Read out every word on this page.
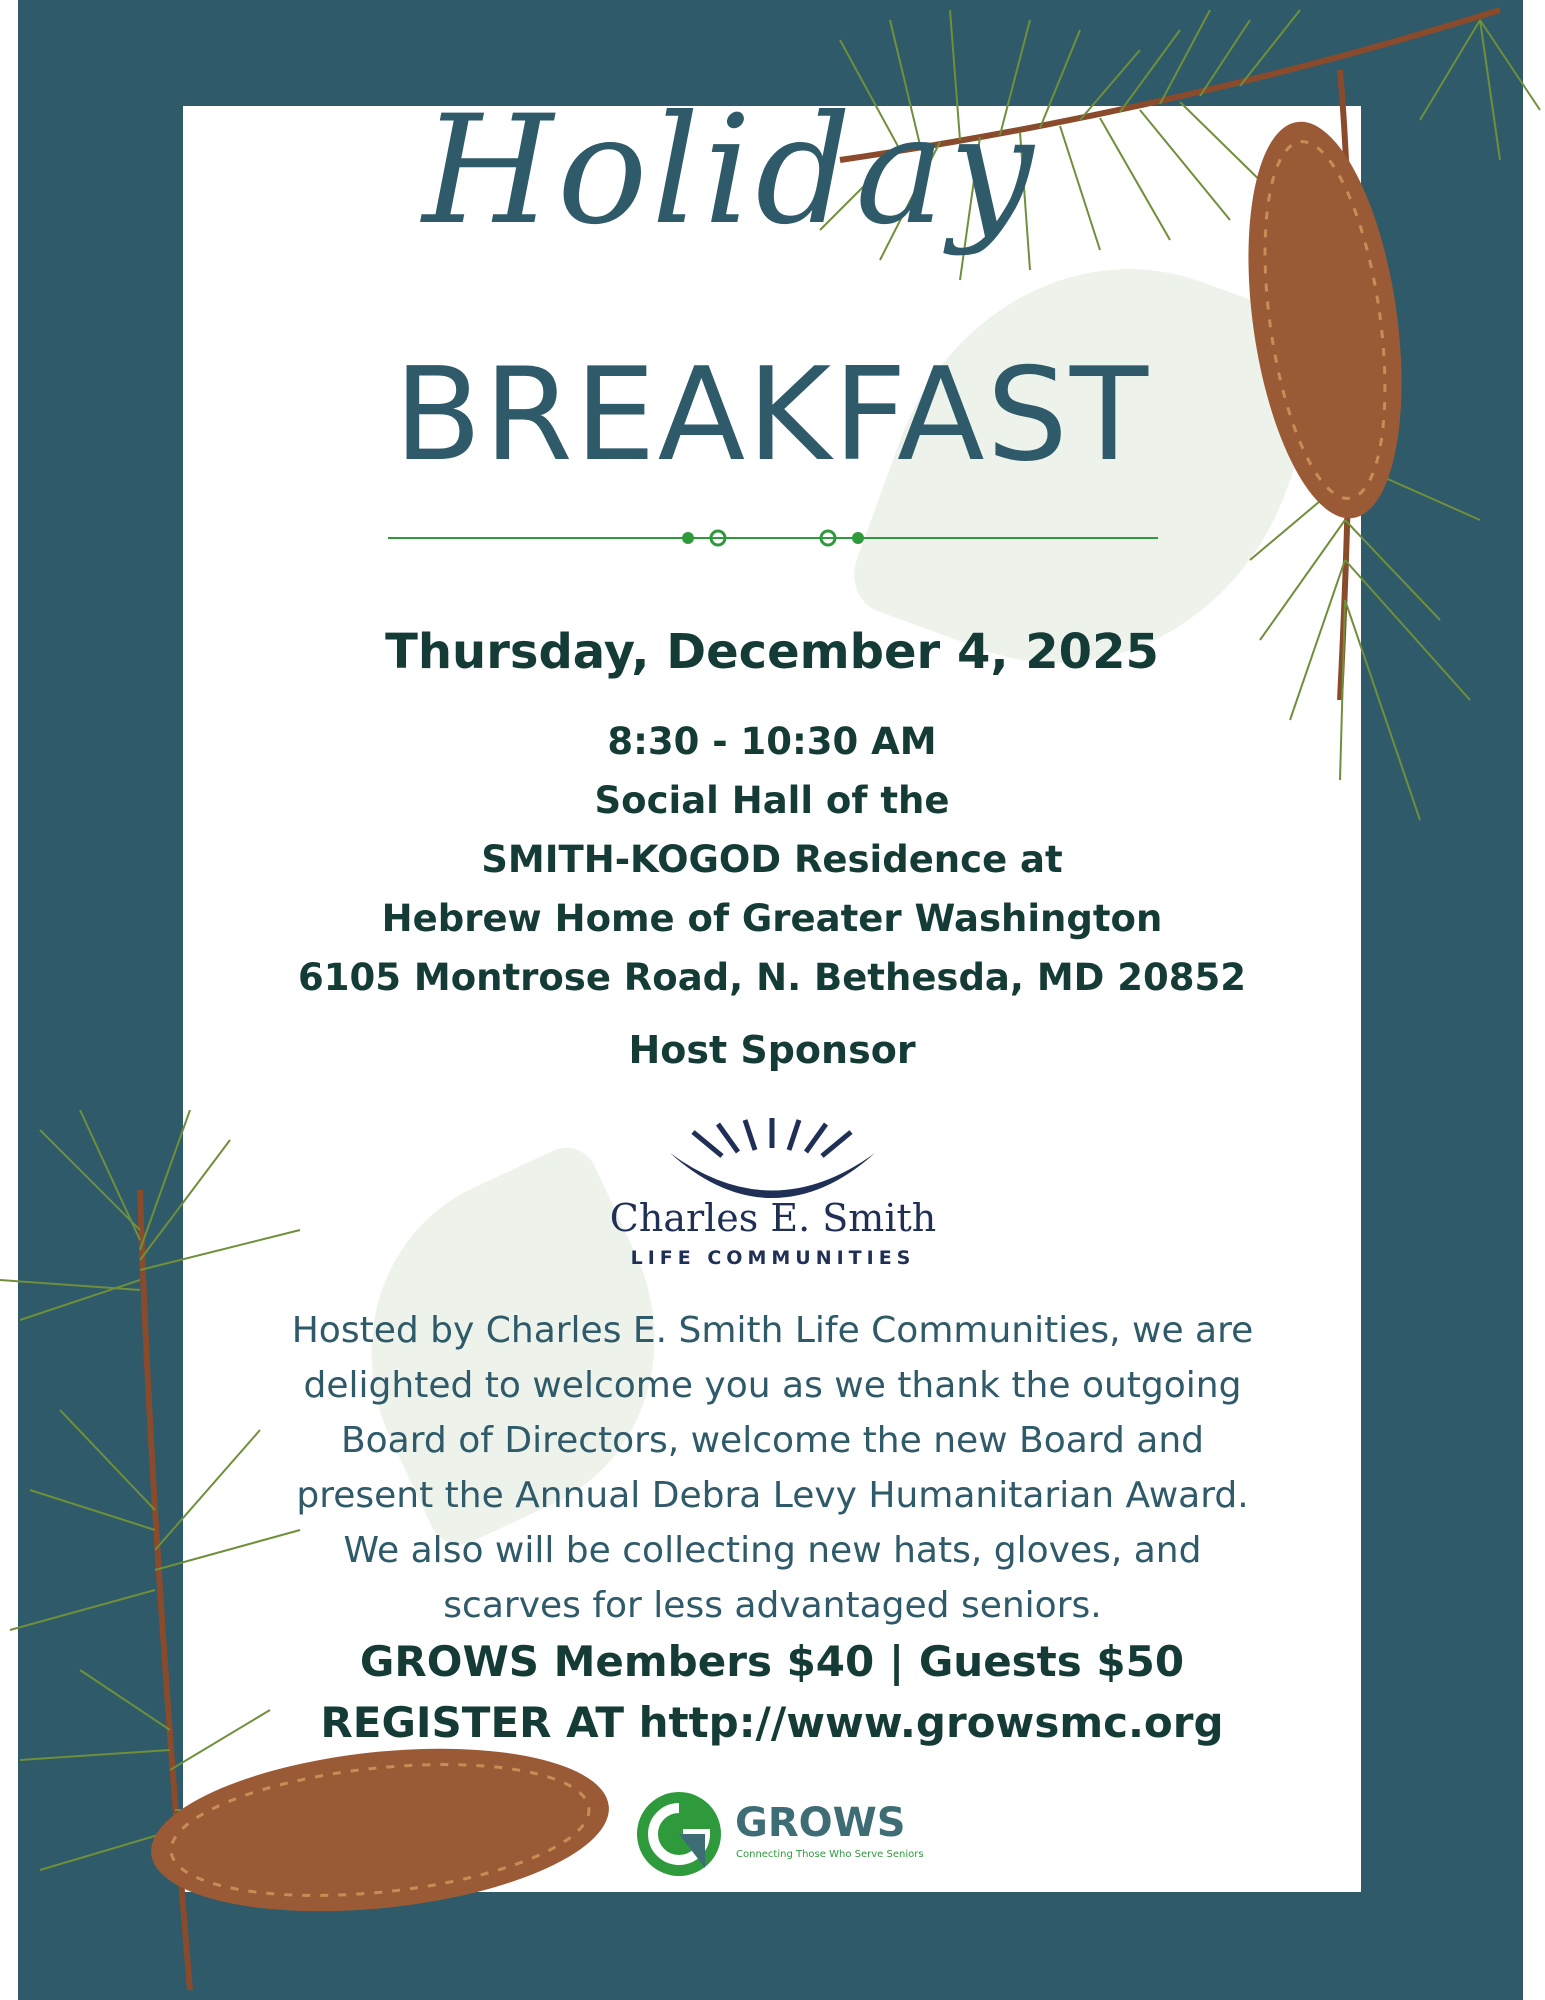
Holiday
BREAKFAST
Thursday, December 4, 2025
8:30 - 10:30 AM
Social Hall of the
SMITH-KOGOD Residence at
Hebrew Home of Greater Washington
6105 Montrose Road, N. Bethesda, MD 20852
Host Sponsor
Charles E. Smith
LIFE COMMUNITIES
Hosted by Charles E. Smith Life Communities, we are
delighted to welcome you as we thank the outgoing
Board of Directors, welcome the new Board and
present the Annual Debra Levy Humanitarian Award.
We also will be collecting new hats, gloves, and
scarves for less advantaged seniors.
GROWS Members $40 | Guests $50
REGISTER AT http://www.growsmc.org
GROWS
Connecting Those Who Serve Seniors
